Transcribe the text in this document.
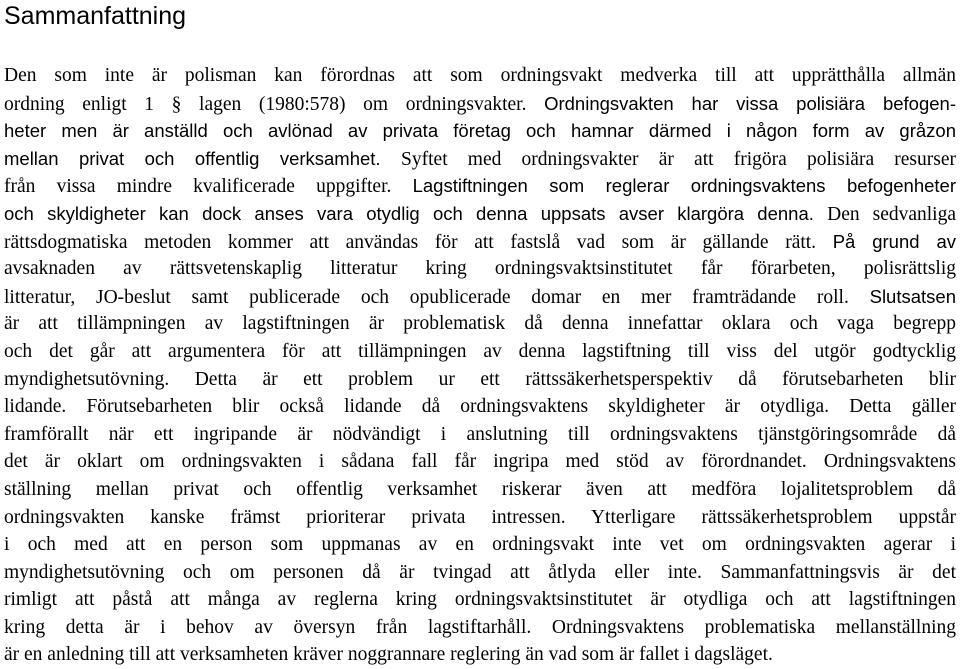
Sammanfattning
Den som inte är polisman kan förordnas att som ordningsvakt medverka till att upprätthålla allmän
ordning enligt 1 § lagen (1980:578) om ordningsvakter. Ordningsvakten har vissa polisiära befogen-
heter men är anställd och avlönad av privata företag och hamnar därmed i någon form av gråzon
mellan privat och offentlig verksamhet. Syftet med ordningsvakter är att frigöra polisiära resurser
från vissa mindre kvalificerade uppgifter. Lagstiftningen som reglerar ordningsvaktens befogenheter
och skyldigheter kan dock anses vara otydlig och denna uppsats avser klargöra denna. Den sedvanliga
rättsdogmatiska metoden kommer att användas för att fastslå vad som är gällande rätt. På grund av
avsaknaden av rättsvetenskaplig litteratur kring ordningsvaktsinstitutet får förarbeten, polisrättslig
litteratur, JO-beslut samt publicerade och opublicerade domar en mer framträdande roll. Slutsatsen
är att tillämpningen av lagstiftningen är problematisk då denna innefattar oklara och vaga begrepp
och det går att argumentera för att tillämpningen av denna lagstiftning till viss del utgör godtycklig
myndighetsutövning. Detta är ett problem ur ett rättssäkerhetsperspektiv då förutsebarheten blir
lidande. Förutsebarheten blir också lidande då ordningsvaktens skyldigheter är otydliga. Detta gäller
framförallt när ett ingripande är nödvändigt i anslutning till ordningsvaktens tjänstgöringsområde då
det är oklart om ordningsvakten i sådana fall får ingripa med stöd av förordnandet. Ordningsvaktens
ställning mellan privat och offentlig verksamhet riskerar även att medföra lojalitetsproblem då
ordningsvakten kanske främst prioriterar privata intressen. Ytterligare rättssäkerhetsproblem uppstår
i och med att en person som uppmanas av en ordningsvakt inte vet om ordningsvakten agerar i
myndighetsutövning och om personen då är tvingad att åtlyda eller inte. Sammanfattningsvis är det
rimligt att påstå att många av reglerna kring ordningsvaktsinstitutet är otydliga och att lagstiftningen
kring detta är i behov av översyn från lagstiftarhåll. Ordningsvaktens problematiska mellanställning
är en anledning till att verksamheten kräver noggrannare reglering än vad som är fallet i dagsläget.
